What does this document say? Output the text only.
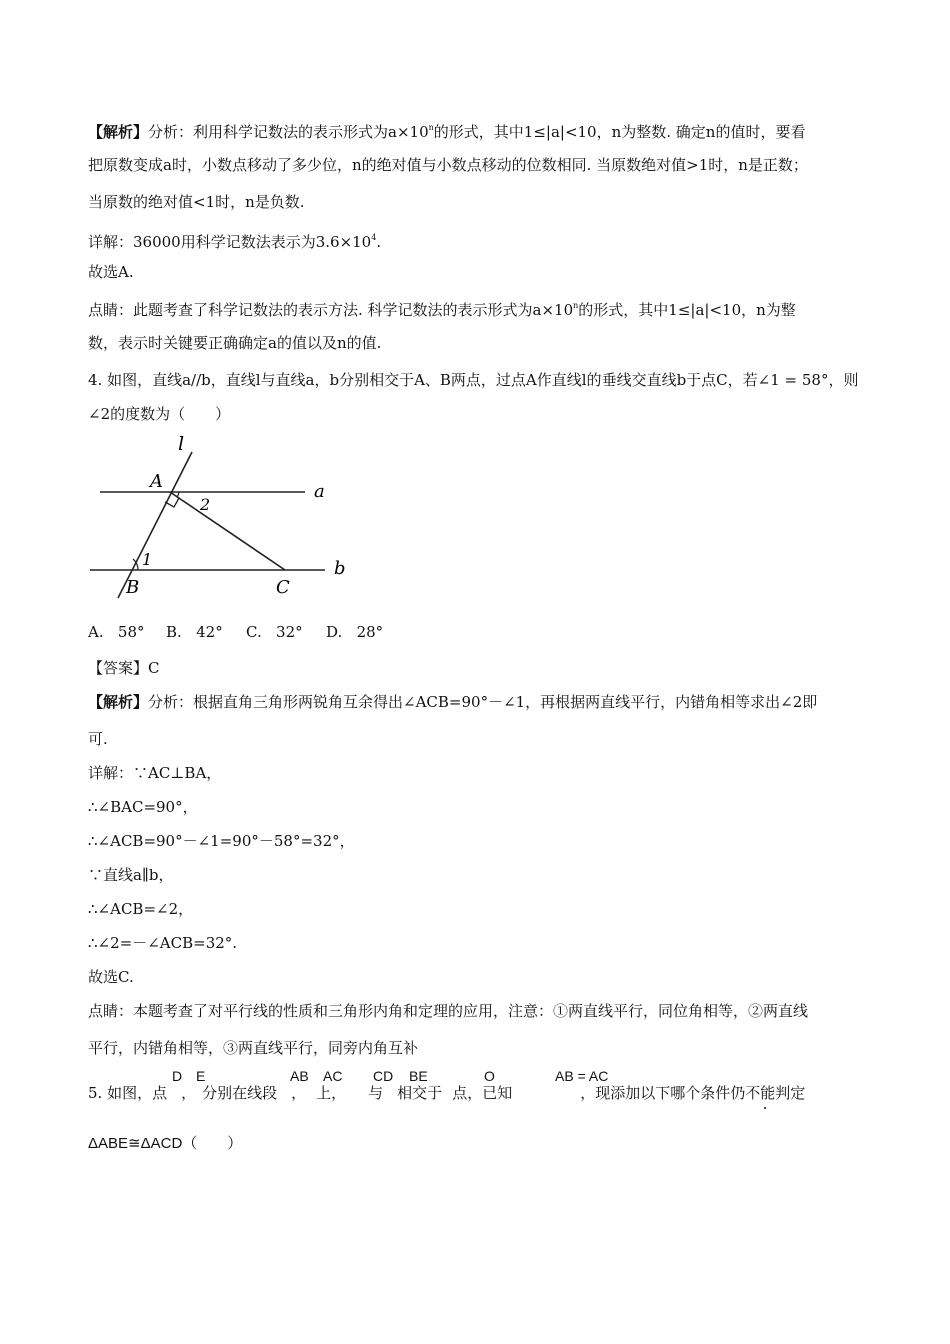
【解析】分析：利用科学记数法的表示形式为$a\times 10^n$的形式，其中1≤|a|<10，n为整数. 确定n的值时，要看
把原数变成a时，小数点移动了多少位，n的绝对值与小数点移动的位数相同. 当原数绝对值>1时，n是正数；
当原数的绝对值<1时，n是负数.
详解：36000用科学记数法表示为$3.6\times 10^4$.
故选A.
点睛：此题考查了科学记数法的表示方法. 科学记数法的表示形式为$a\times 10^n$的形式，其中1≤|a|<10，n为整
数，表示时关键要正确确定a的值以及n的值.
4. 如图，直线a//b，直线l与直线a，b分别相交于A、B两点，过点A作直线l的垂线交直线b于点C，若∠1 = 58°，则
∠2的度数为（　　）
l
A	a
2
1
B	C
b
A. 58° B. 42° C. 32° D. 28°
【答案】C
【解析】分析：根据直角三角形两锐角互余得出∠ACB=90°－∠1，再根据两直线平行，内错角相等求出∠2即
可.
详解：∵AC⊥BA，
∴∠BAC=90°，
∴∠ACB=90°－∠1=90°－58°=32°，
∵直线a∥b，
∴∠ACB=∠2，
∴∠2=－∠ACB=32°.
故选C.
点睛：本题考查了对平行线的性质和三角形内角和定理的应用，注意：①两直线平行，同位角相等，②两直线
平行，内错角相等，③两直线平行，同旁内角互补
D E	AB AC CD BE	O	AB = AC
5. 如图，点 ， 分别在线段 ， 上， 与 相交于 点，已知	，现添加以下哪个条件仍不能判定
ΔABE≅ΔACD（　　）
